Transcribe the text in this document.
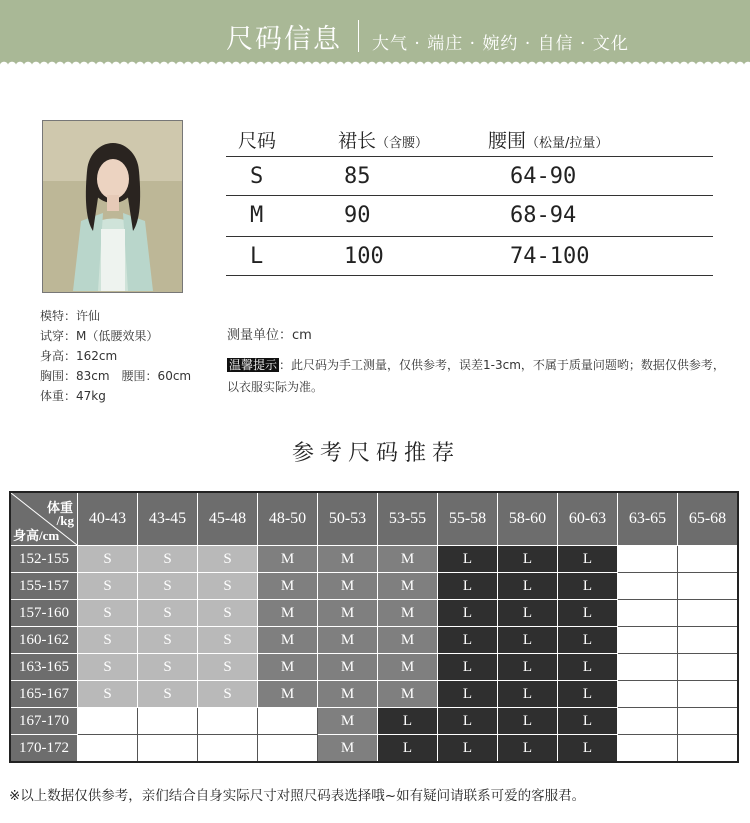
尺码信息 大气 · 端庄 · 婉约 · 自信 · 文化
模特：许仙
试穿：M（低腰效果）
身高：162cm
胸围：83cm　腰围：60cm
体重：47kg
尺码	裙长（含腰）	腰围（松量/拉量）
S	85	64-90
M	90	68-94
L	100	74-100
测量单位：cm
温馨提示 ：此尺码为手工测量，仅供参考，误差1-3cm，不属于质量问题哟；数据仅供参考，以衣服实际为准。
参考尺码推荐
体重
/kg
身高/cm	40-43	43-45	45-48	48-50	50-53	53-55	55-58	58-60	60-63	63-65	65-68
152-155	S	S	S	M	M	M	L	L	L		
155-157	S	S	S	M	M	M	L	L	L		
157-160	S	S	S	M	M	M	L	L	L		
160-162	S	S	S	M	M	M	L	L	L		
163-165	S	S	S	M	M	M	L	L	L		
165-167	S	S	S	M	M	M	L	L	L		
167-170					M	L	L	L	L		
170-172					M	L	L	L	L		
※以上数据仅供参考，亲们结合自身实际尺寸对照尺码表选择哦~如有疑问请联系可爱的客服君。
